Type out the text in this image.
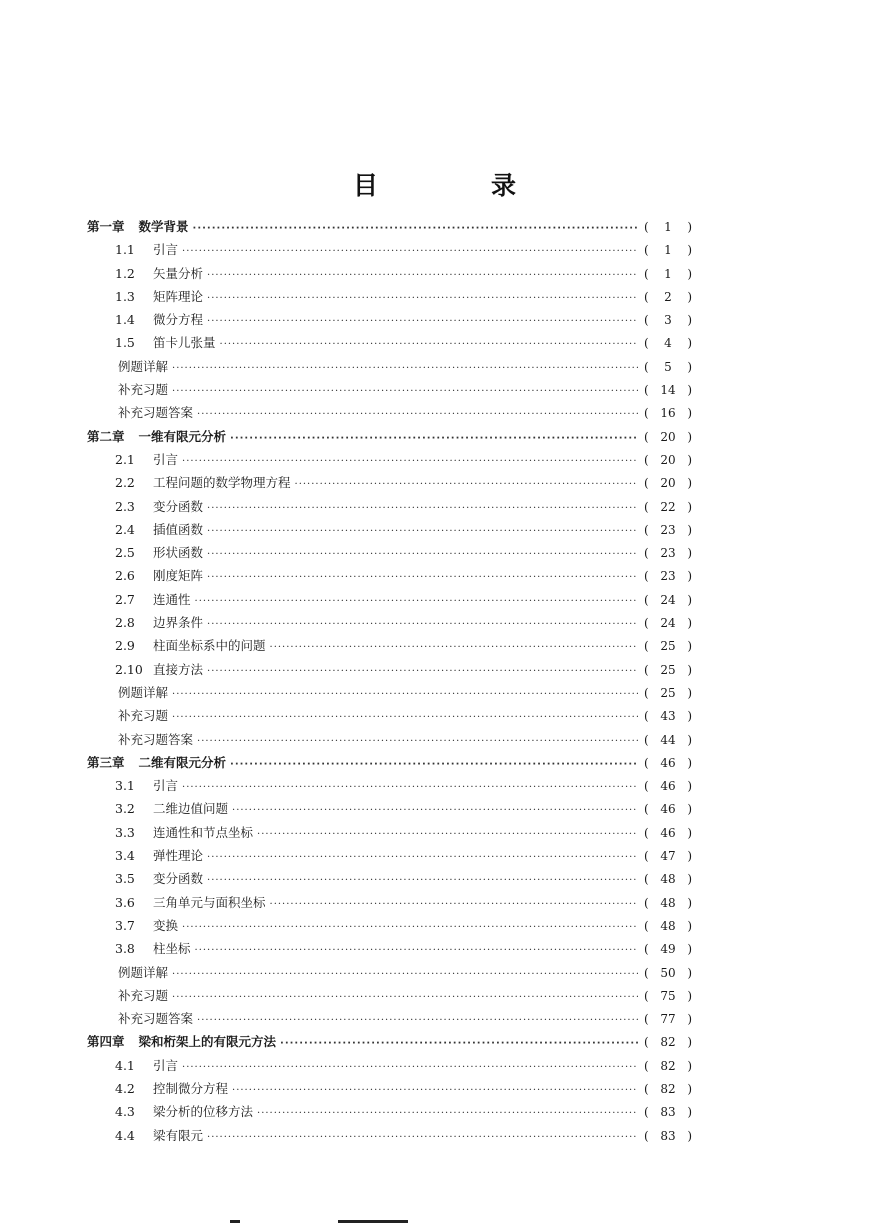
目　录
第一章 数学背景 ·····	(	1	)
1.1 引言 ·····	(	1	)
1.2 矢量分析 ·····	(	1	)
1.3 矩阵理论 ·····	(	2	)
1.4 微分方程 ·····	(	3	)
1.5 笛卡儿张量 ·····	(	4	)
例题详解 ·····	(	5	)
补充习题 ·····	( 14 )
补充习题答案 ·····	( 16 )
第二章 一维有限元分析 ·····	( 20 )
2.1 引言 ·····	( 20 )
2.2 工程问题的数学物理方程 ·····	( 20 )
2.3 变分函数 ·····	( 22 )
2.4 插值函数 ·····	( 23 )
2.5 形状函数 ·····	( 23 )
2.6 刚度矩阵 ·····	( 23 )
2.7 连通性 ·····	( 24 )
2.8 边界条件 ·····	( 24 )
2.9 柱面坐标系中的问题 ·····	( 25 )
2.10 直接方法 ·····	( 25 )
例题详解 ·····	( 25 )
补充习题 ·····	( 43 )
补充习题答案 ·····	( 44 )
第三章 二维有限元分析 ·····	( 46 )
3.1 引言 ·····	( 46 )
3.2 二维边值问题 ·····	( 46 )
3.3 连通性和节点坐标 ·····	( 46 )
3.4 弹性理论 ·····	( 47 )
3.5 变分函数 ·····	( 48 )
3.6 三角单元与面积坐标 ·····	( 48 )
3.7 变换 ·····	( 48 )
3.8 柱坐标 ·····	( 49 )
例题详解 ·····	( 50 )
补充习题 ·····	( 75 )
补充习题答案 ·····	( 77 )
第四章 梁和桁架上的有限元方法 ·····	( 82 )
4.1 引言 ·····	( 82 )
4.2 控制微分方程 ·····	( 82 )
4.3 梁分析的位移方法 ·····	( 83 )
4.4 梁有限元 ·····	( 83 )
